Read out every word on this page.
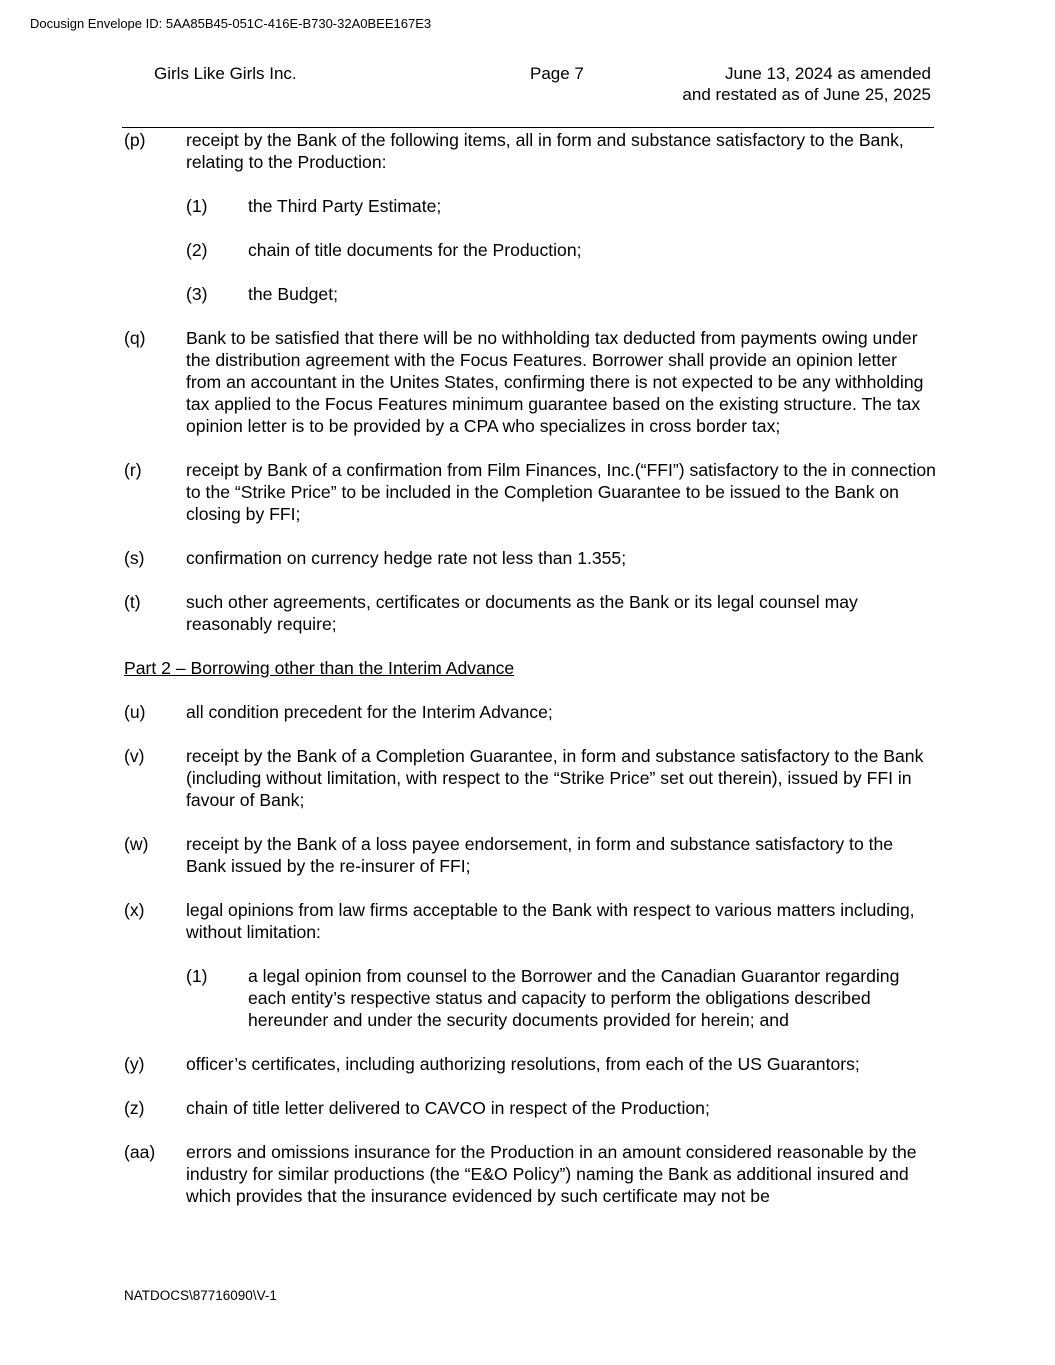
Docusign Envelope ID: 5AA85B45-051C-416E-B730-32A0BEE167E3
Girls Like Girls Inc.	Page 7	June 13, 2024 as amended
and restated as of June 25, 2025
(p)	receipt by the Bank of the following items, all in form and substance satisfactory to the Bank, relating to the Production:
(1)	the Third Party Estimate;
(2)	chain of title documents for the Production;
(3)	the Budget;
(q)	Bank to be satisfied that there will be no withholding tax deducted from payments owing under the distribution agreement with the Focus Features. Borrower shall provide an opinion letter from an accountant in the Unites States, confirming there is not expected to be any withholding tax applied to the Focus Features minimum guarantee based on the existing structure. The tax opinion letter is to be provided by a CPA who specializes in cross border tax;
(r)	receipt by Bank of a confirmation from Film Finances, Inc.(“FFI”) satisfactory to the in connection to the “Strike Price” to be included in the Completion Guarantee to be issued to the Bank on closing by FFI;
(s)	confirmation on currency hedge rate not less than 1.355;
(t)	such other agreements, certificates or documents as the Bank or its legal counsel may reasonably require;
Part 2 – Borrowing other than the Interim Advance
(u)	all condition precedent for the Interim Advance;
(v)	receipt by the Bank of a Completion Guarantee, in form and substance satisfactory to the Bank (including without limitation, with respect to the “Strike Price” set out therein), issued by FFI in favour of Bank;
(w)	receipt by the Bank of a loss payee endorsement, in form and substance satisfactory to the Bank issued by the re-insurer of FFI;
(x)	legal opinions from law firms acceptable to the Bank with respect to various matters including, without limitation:
(1)	a legal opinion from counsel to the Borrower and the Canadian Guarantor regarding each entity’s respective status and capacity to perform the obligations described hereunder and under the security documents provided for herein; and
(y)	officer’s certificates, including authorizing resolutions, from each of the US Guarantors;
(z)	chain of title letter delivered to CAVCO in respect of the Production;
(aa)	errors and omissions insurance for the Production in an amount considered reasonable by the industry for similar productions (the “E&O Policy”) naming the Bank as additional insured and which provides that the insurance evidenced by such certificate may not be
NATDOCS\87716090\V-1
